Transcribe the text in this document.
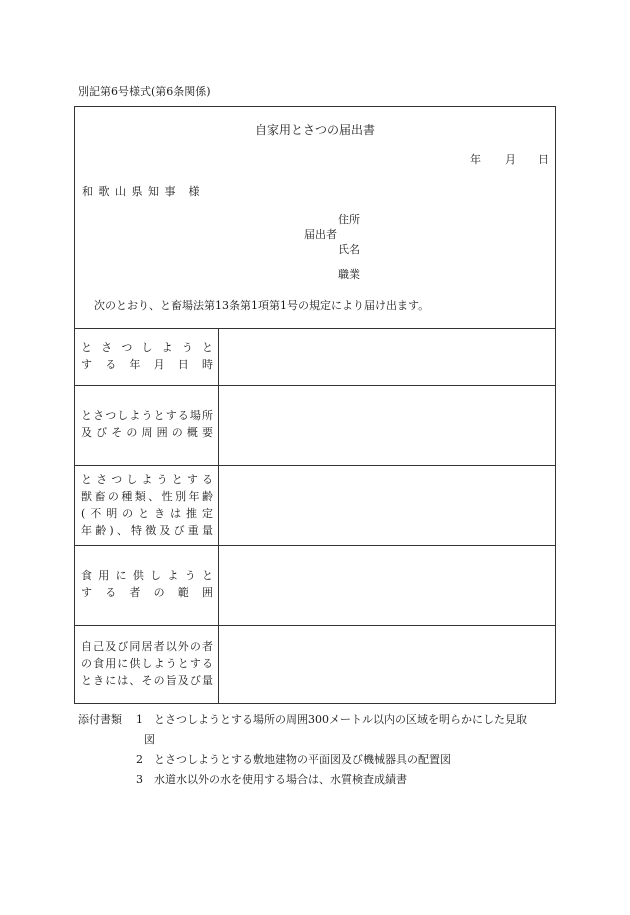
別記第6号様式(第6条関係)
自家用とさつの届出書
年 月 日
和 歌 山 県 知 事　様
住所
届出者
氏名
職業
次のとおり、と畜場法第13条第1項第1号の規定により届け出ます。
とさつしようと
する年月日時
とさつしようとする場所
及びその周囲の概要
とさつしようとする
獣畜の種類、性別年齢
(不明のときは推定
年齢)、特徴及び重量
食用に供しようと
する者の範囲
自己及び同居者以外の者
の食用に供しようとする
ときには、その旨及び量
添付書類 1 とさつしようとする場所の周囲300メートル以内の区域を明らかにした見取
図
2 とさつしようとする敷地建物の平面図及び機械器具の配置図
3 水道水以外の水を使用する場合は、水質検査成績書
